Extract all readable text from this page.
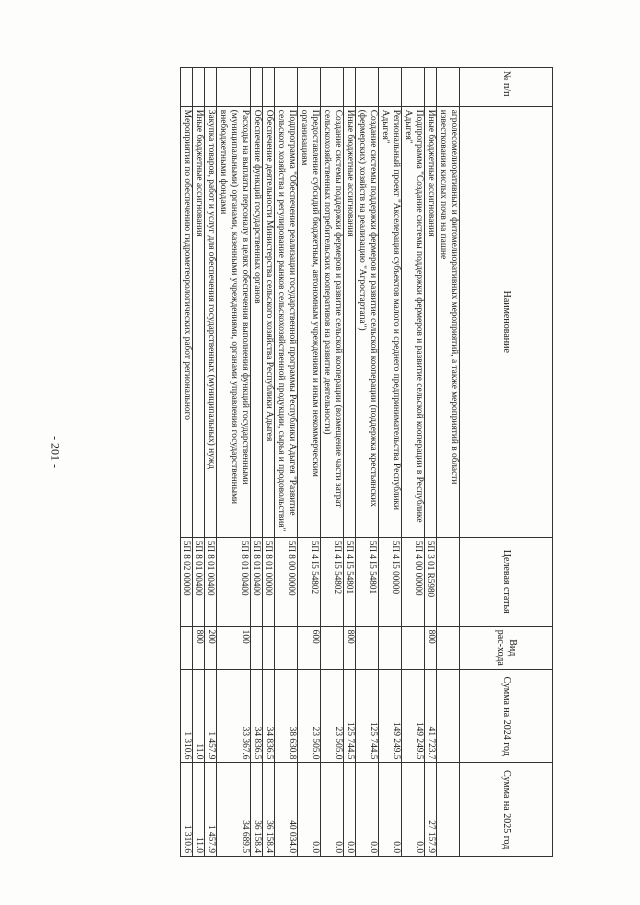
- 201 -
№ п/п	Наименование	Целевая статья	Вид рас-хода	Сумма на 2024 год	Сумма на 2025 год
	агролесомелиоративных и фитомелиоративных мероприятий, а также мероприятий в области известкования кислых почв на пашне				
	Иные бюджетные ассигнования	5П 3 01 R5980	800	41 723.7	27 157.9
	Подпрограмма "Создание системы поддержки фермеров и развитие сельской кооперации в Республике Адыгея"	5П 4 00 00000		149 249.5	0.0
	Региональный проект "Акселерация субъектов малого и среднего предпринимательства Республики Адыгея"	5П 4 I5 00000		149 249.5	0.0
	Создание системы поддержки фермеров и развитие сельской кооперации (поддержка крестьянских (фермерских) хозяйств на реализацию "Агростартапа")	5П 4 I5 54801		125 744.5	0.0
	Иные бюджетные ассигнования	5П 4 I5 54801	800	125 744.5	0.0
	Создание системы поддержки фермеров и развитие сельской кооперации (возмещение части затрат сельскохозяйственных потребительских кооперативов на развитие деятельности)	5П 4 I5 54802		23 505.0	0.0
	Предоставление субсидий бюджетным, автономным учреждениям и иным некоммерческим организациям	5П 4 I5 54802	600	23 505.0	0.0
	Подпрограмма "Обеспечение реализации государственной программы Республики Адыгея "Развитие сельского хозяйства и регулирование рынков сельскохозяйственной продукции, сырья и продовольствия"	5П 8 00 00000		38 630.8	40 034.0
	Обеспечение деятельности Министерства сельского хозяйства Республики Адыгея	5П 8 01 00000		34 836.5	36 158.4
	Обеспечение функций государственных органов	5П 8 01 00400		34 836.5	36 158.4
	Расходы на выплаты персоналу в целях обеспечения выполнения функций государственными (муниципальными) органами, казенными учреждениями, органами управления государственными внебюджетными фондами	5П 8 01 00400	100	33 367.6	34 689.5
	Закупка товаров, работ и услуг для обеспечения государственных (муниципальных) нужд	5П 8 01 00400	200	1 457.9	1 457.9
	Иные бюджетные ассигнования	5П 8 01 00400	800	11.0	11.0
	Мероприятия по обеспечению гидрометеорологических работ регионального	5П 8 02 00000		1 310.6	1 310.6
